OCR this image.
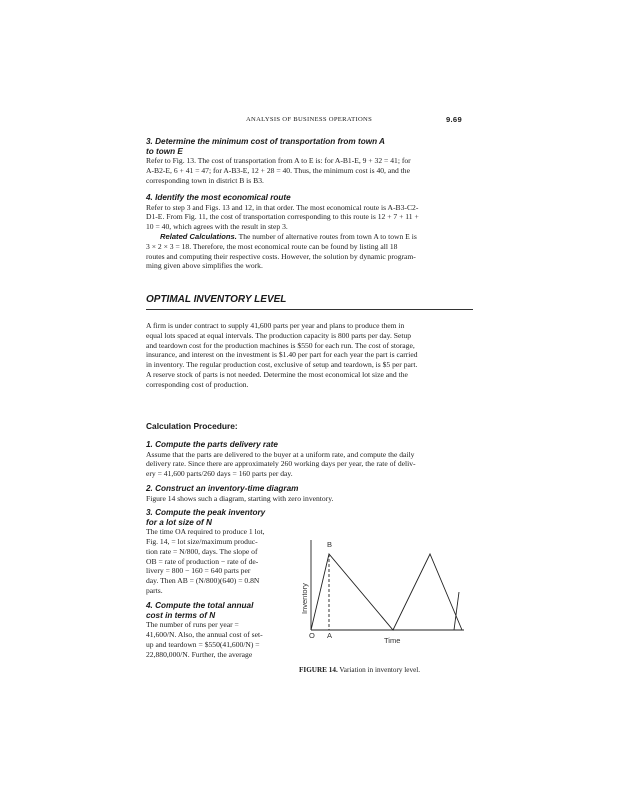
ANALYSIS OF BUSINESS OPERATIONS	9.69

3. Determine the minimum cost of transportation from town A

to town E

Refer to Fig. 13. The cost of transportation from A to E is: for A-B1-E, 9 + 32 = 41; for

A-B2-E, 6 + 41 = 47; for A-B3-E, 12 + 28 = 40. Thus, the minimum cost is 40, and the

corresponding town in district B is B3.

4. Identify the most economical route

Refer to step 3 and Figs. 13 and 12, in that order. The most economical route is A-B3-C2-

D1-E. From Fig. 11, the cost of transportation corresponding to this route is 12 + 7 + 11 +

10 = 40, which agrees with the result in step 3.

Related Calculations. The number of alternative routes from town A to town E is

3 × 2 × 3 = 18. Therefore, the most economical route can be found by listing all 18

routes and computing their respective costs. However, the solution by dynamic program-

ming given above simplifies the work.

OPTIMAL INVENTORY LEVEL

A firm is under contract to supply 41,600 parts per year and plans to produce them in

equal lots spaced at equal intervals. The production capacity is 800 parts per day. Setup

and teardown cost for the production machines is $550 for each run. The cost of storage,

insurance, and interest on the investment is $1.40 per part for each year the part is carried

in inventory. The regular production cost, exclusive of setup and teardown, is $5 per part.

A reserve stock of parts is not needed. Determine the most economical lot size and the

corresponding cost of production.

Calculation Procedure:

1. Compute the parts delivery rate

Assume that the parts are delivered to the buyer at a uniform rate, and compute the daily

delivery rate. Since there are approximately 260 working days per year, the rate of deliv-

ery = 41,600 parts/260 days = 160 parts per day.

2. Construct an inventory-time diagram

Figure 14 shows such a diagram, starting with zero inventory.

3. Compute the peak inventory

for a lot size of N

The time OA required to produce 1 lot,

Fig. 14, = lot size/maximum produc-

tion rate = N/800, days. The slope of

OB = rate of production − rate of de-

livery = 800 − 160 = 640 parts per

day. Then AB = (N/800)(640) = 0.8N

parts.

4. Compute the total annual

cost in terms of N

The number of runs per year =

41,600/N. Also, the annual cost of set-

up and teardown = $550(41,600/N) =

22,880,000/N. Further, the average

Inventory
Time
B
O A
FIGURE 14. Variation in inventory level.
